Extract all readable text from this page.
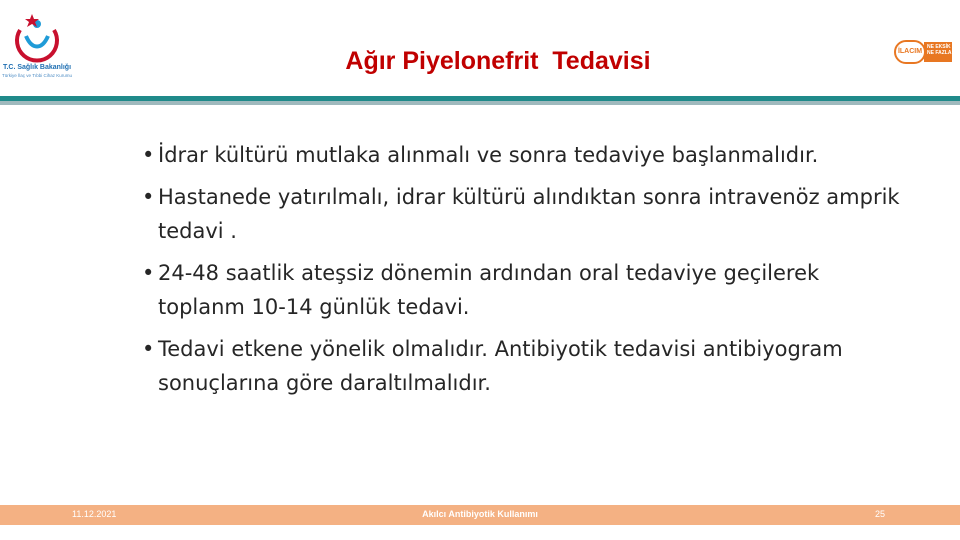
T.C. Sağlık Bakanlığı
Türkiye İlaç ve Tıbbi Cihaz Kurumu
Ağır Piyelonefrit  Tedavisi	İLACIM
NE EKSİK NE FAZLA
• İdrar kültürü mutlaka alınmalı ve sonra tedaviye başlanmalıdır.
• Hastanede yatırılmalı, idrar kültürü alındıktan sonra intravenöz amprik tedavi .
• 24-48 saatlik ateşsiz dönemin ardından oral tedaviye geçilerek toplanm 10-14 günlük tedavi.
• Tedavi etkene yönelik olmalıdır. Antibiyotik tedavisi antibiyogram sonuçlarına göre daraltılmalıdır.
11.12.2021	Akılcı Antibiyotik Kullanımı	25
